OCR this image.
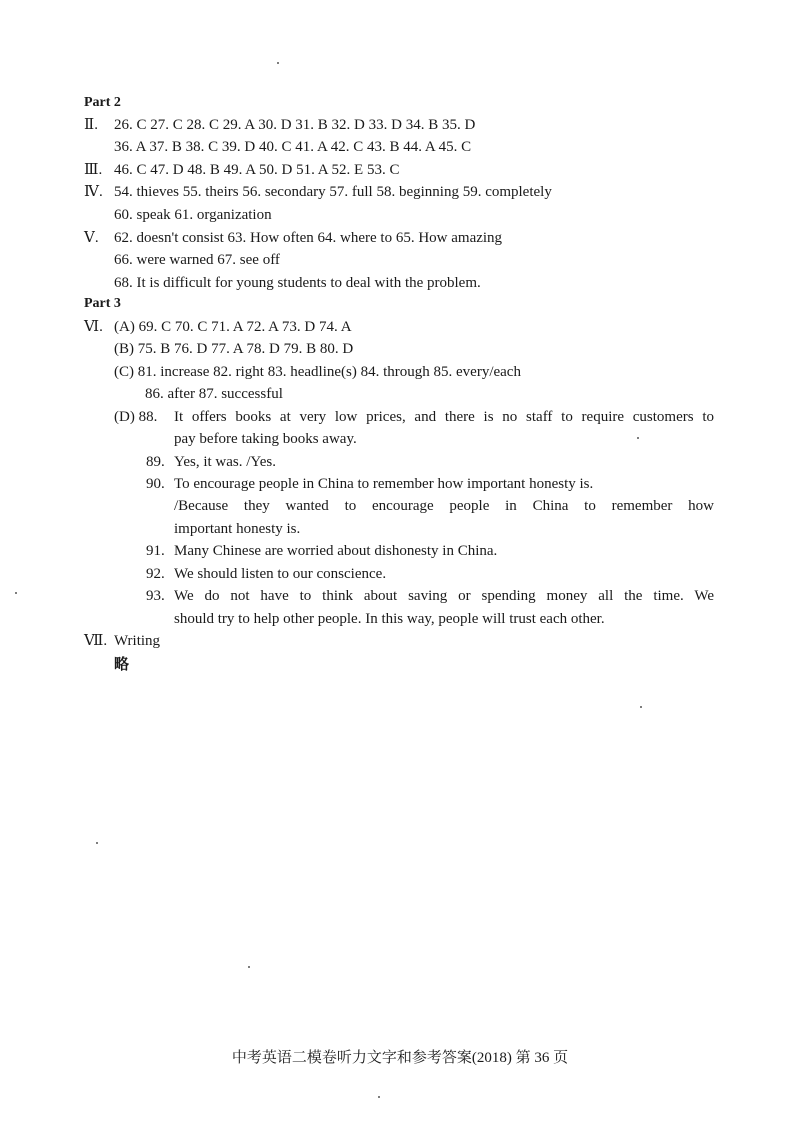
Part 2
Ⅱ. 26. C 27. C 28. C 29. A 30. D 31. B 32. D 33. D 34. B 35. D
36. A 37. B 38. C 39. D 40. C 41. A 42. C 43. B 44. A 45. C
Ⅲ. 46. C 47. D 48. B 49. A 50. D 51. A 52. E 53. C
Ⅳ. 54. thieves 55. theirs 56. secondary 57. full 58. beginning 59. completely
60. speak 61. organization
Ⅴ. 62. doesn't consist 63. How often 64. where to 65. How amazing
66. were warned 67. see off
68. It is difficult for young students to deal with the problem.
Part 3
Ⅵ. (A) 69. C 70. C 71. A 72. A 73. D 74. A
(B) 75. B 76. D 77. A 78. D 79. B 80. D
(C) 81. increase 82. right 83. headline(s) 84. through 85. every/each
86. after 87. successful
(D) 88. It offers books at very low prices, and there is no staff to require customers to
pay before taking books away.
89. Yes, it was. /Yes.
90. To encourage people in China to remember how important honesty is.
/Because they wanted to encourage people in China to remember how
important honesty is.
91. Many Chinese are worried about dishonesty in China.
92. We should listen to our conscience.
93. We do not have to think about saving or spending money all the time. We
should try to help other people. In this way, people will trust each other.
Ⅶ. Writing
略
中考英语二模卷听力文字和参考答案(2018) 第 36 页
